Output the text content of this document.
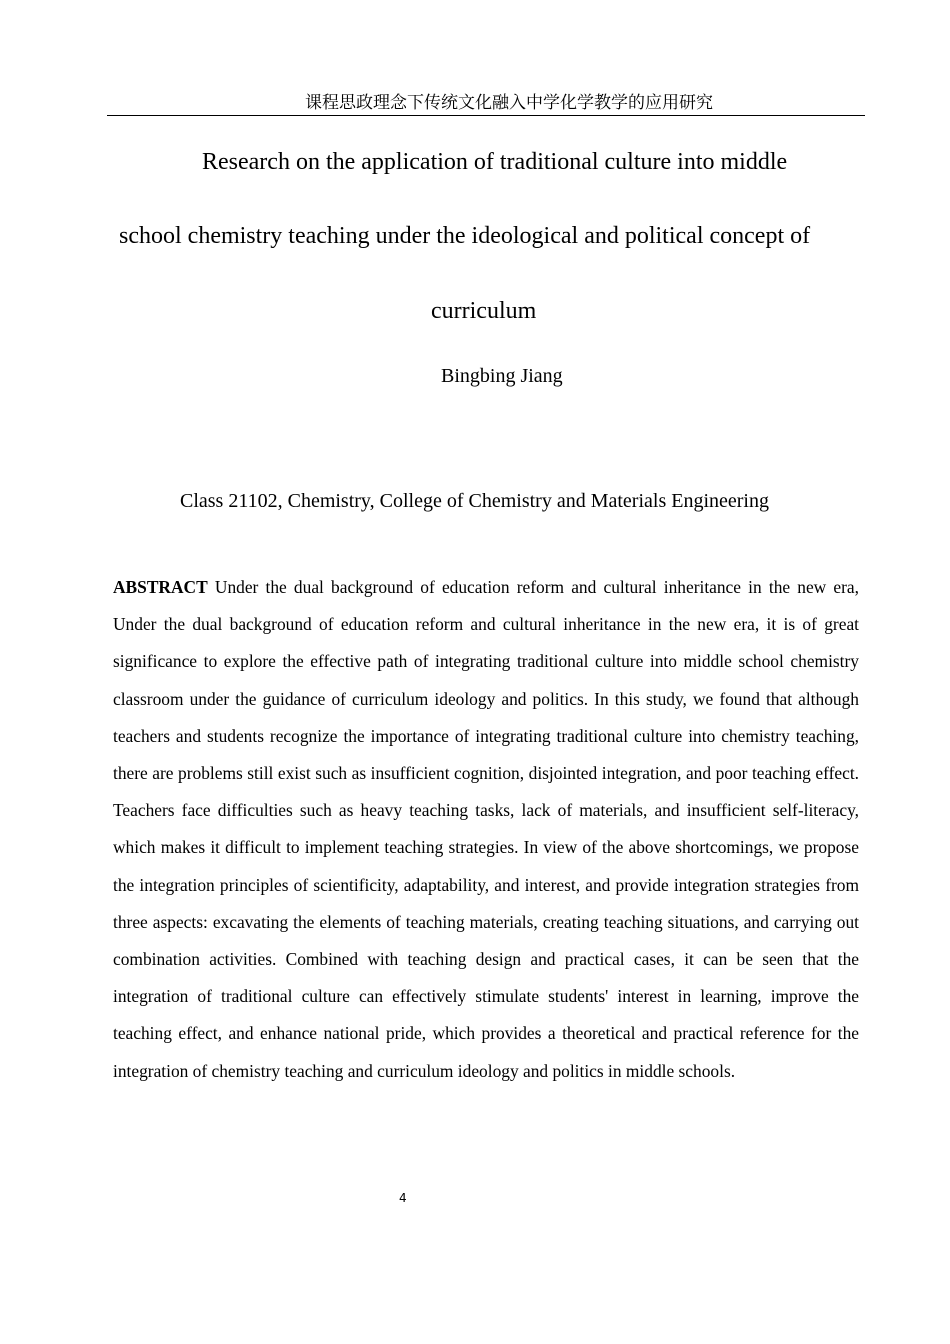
课程思政理念下传统文化融入中学化学教学的应用研究
Research on the application of traditional culture into middle
school chemistry teaching under the ideological and political concept of
curriculum
Bingbing Jiang
Class 21102, Chemistry, College of Chemistry and Materials Engineering

ABSTRACT Under the dual background of education reform and cultural inheritance in the new era, Under the dual background of education reform and cultural inheritance in the new era, it is of great significance to explore the effective path of integrating traditional culture into middle school chemistry classroom under the guidance of curriculum ideology and politics. In this study, we found that although teachers and students recognize the importance of integrating traditional culture into chemistry teaching, there are problems still exist such as insufficient cognition, disjointed integration, and poor teaching effect. Teachers face difficulties such as heavy teaching tasks, lack of materials, and insufficient self-literacy, which makes it difficult to implement teaching strategies. In view of the above shortcomings, we propose the integration principles of scientificity, adaptability, and interest, and provide integration strategies from three aspects: excavating the elements of teaching materials, creating teaching situations, and carrying out combination activities. Combined with teaching design and practical cases, it can be seen that the integration of traditional culture can effectively stimulate students' interest in learning, improve the teaching effect, and enhance national pride, which provides a theoretical and practical reference for the integration of chemistry teaching and curriculum ideology and politics in middle schools.

4
